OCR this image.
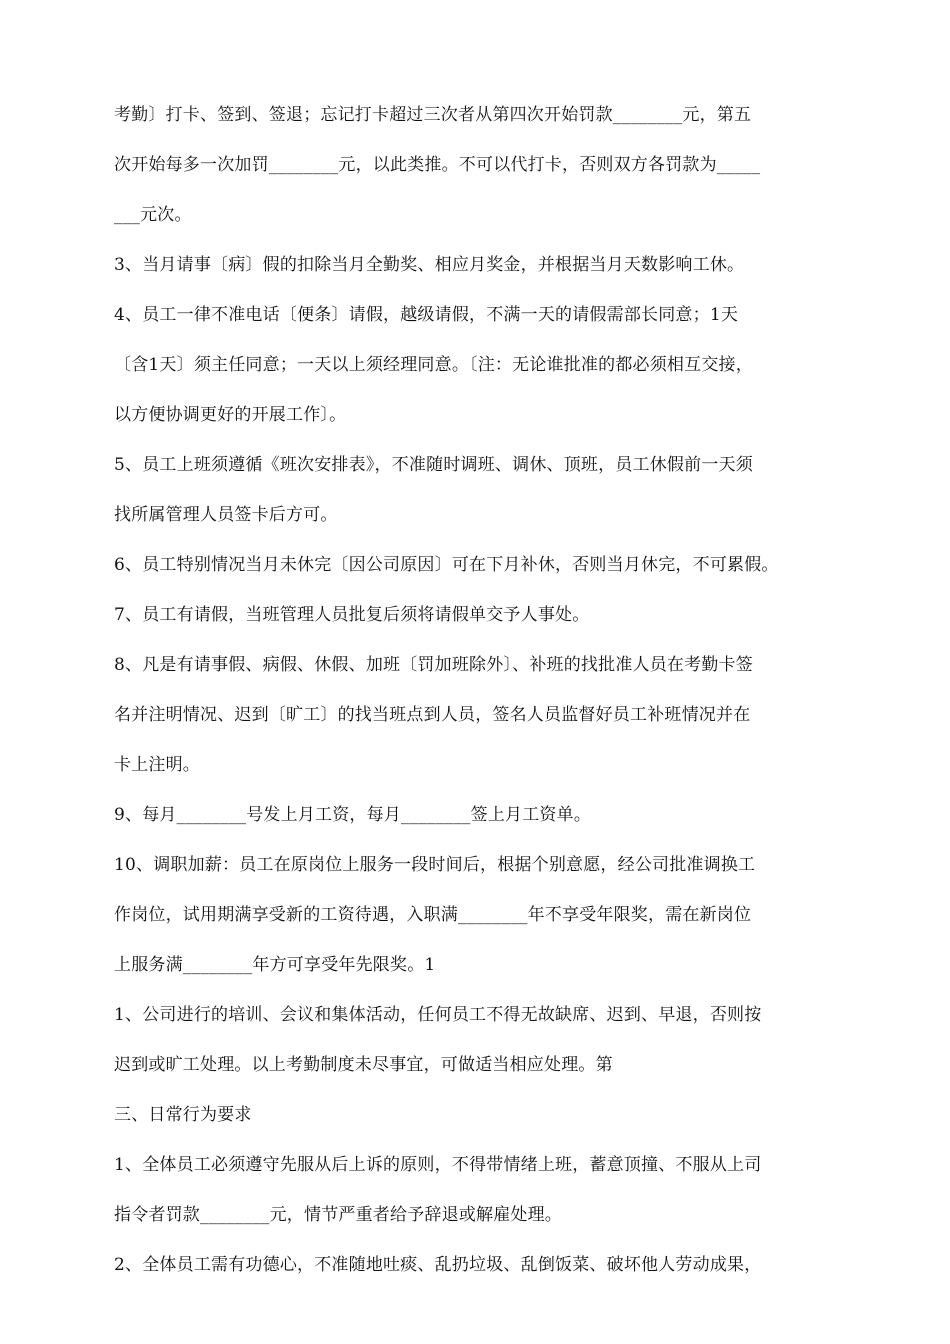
考勤〕打卡、签到、签退；忘记打卡超过三次者从第四次开始罚款________元，第五
次开始每多一次加罚________元，以此类推。不可以代打卡，否则双方各罚款为_____
___元次。
3、当月请事〔病〕假的扣除当月全勤奖、相应月奖金，并根据当月天数影响工休。
4、员工一律不准电话〔便条〕请假，越级请假，不满一天的请假需部长同意；1天
〔含1天〕须主任同意；一天以上须经理同意。〔注：无论谁批准的都必须相互交接，
以方便协调更好的开展工作〕。
5、员工上班须遵循《班次安排表》，不准随时调班、调休、顶班，员工休假前一天须
找所属管理人员签卡后方可。
6、员工特别情况当月未休完〔因公司原因〕可在下月补休，否则当月休完，不可累假。
7、员工有请假，当班管理人员批复后须将请假单交予人事处。
8、凡是有请事假、病假、休假、加班〔罚加班除外〕、补班的找批准人员在考勤卡签
名并注明情况、迟到〔旷工〕的找当班点到人员，签名人员监督好员工补班情况并在
卡上注明。
9、每月________号发上月工资，每月________签上月工资单。
10、调职加薪：员工在原岗位上服务一段时间后，根据个别意愿，经公司批准调换工
作岗位，试用期满享受新的工资待遇，入职满________年不享受年限奖，需在新岗位
上服务满________年方可享受年先限奖。1
1、公司进行的培训、会议和集体活动，任何员工不得无故缺席、迟到、早退，否则按
迟到或旷工处理。以上考勤制度未尽事宜，可做适当相应处理。第
三、日常行为要求
1、全体员工必须遵守先服从后上诉的原则，不得带情绪上班，蓄意顶撞、不服从上司
指令者罚款________元，情节严重者给予辞退或解雇处理。
2、全体员工需有功德心，不准随地吐痰、乱扔垃圾、乱倒饭菜、破坏他人劳动成果，
